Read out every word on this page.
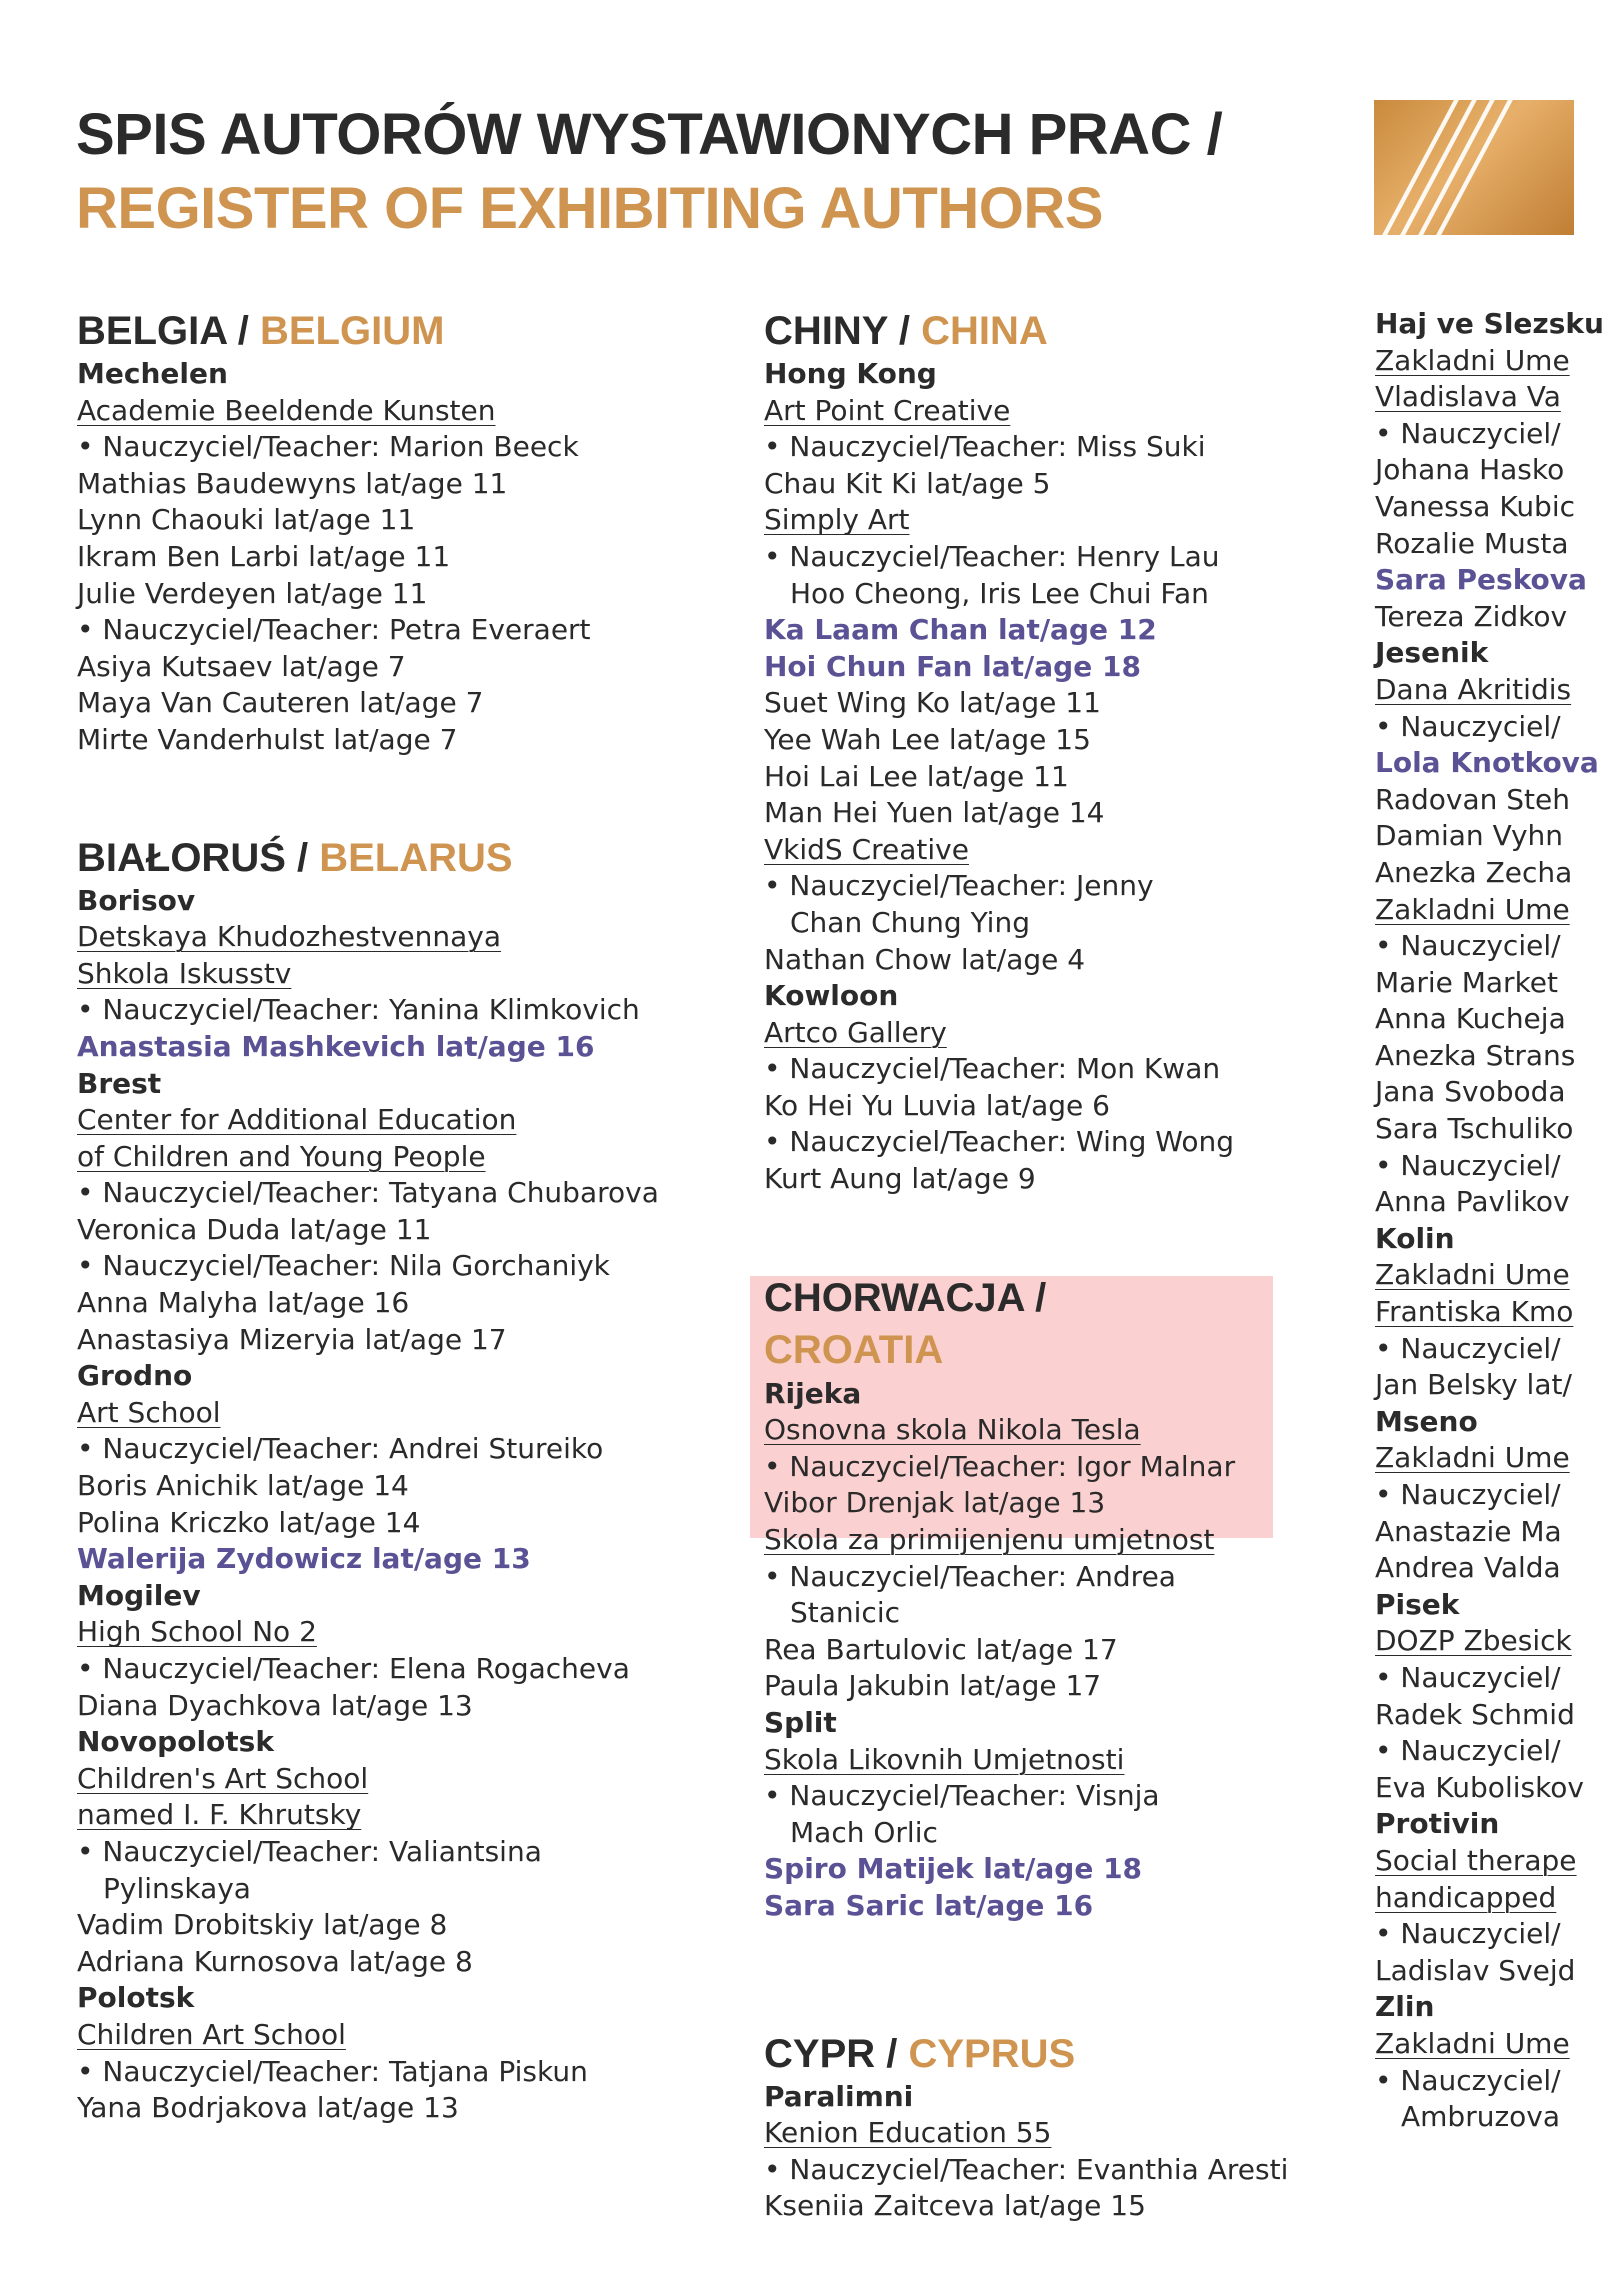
SPIS AUTORÓW WYSTAWIONYCH PRAC /
REGISTER OF EXHIBITING AUTHORS
BELGIA / BELGIUM

Mechelen

Academie Beeldende Kunsten

• Nauczyciel/Teacher: Marion Beeck

Mathias Baudewyns lat/age 11

Lynn Chaouki lat/age 11

Ikram Ben Larbi lat/age 11

Julie Verdeyen lat/age 11

• Nauczyciel/Teacher: Petra Everaert

Asiya Kutsaev lat/age 7

Maya Van Cauteren lat/age 7

Mirte Vanderhulst lat/age 7

BIAŁORUŚ / BELARUS

Borisov

Detskaya Khudozhestvennaya

Shkola Iskusstv

• Nauczyciel/Teacher: Yanina Klimkovich

Anastasia Mashkevich lat/age 16

Brest

Center for Additional Education

of Children and Young People

• Nauczyciel/Teacher: Tatyana Chubarova

Veronica Duda lat/age 11

• Nauczyciel/Teacher: Nila Gorchaniyk

Anna Malyha lat/age 16

Anastasiya Mizeryia lat/age 17

Grodno

Art School

• Nauczyciel/Teacher: Andrei Stureiko

Boris Anichik lat/age 14

Polina Kriczko lat/age 14

Walerija Zydowicz lat/age 13

Mogilev

High School No 2

• Nauczyciel/Teacher: Elena Rogacheva

Diana Dyachkova lat/age 13

Novopolotsk

Children's Art School

named I. F. Khrutsky

• Nauczyciel/Teacher: Valiantsina

Pylinskaya

Vadim Drobitskiy lat/age 8

Adriana Kurnosova lat/age 8

Polotsk

Children Art School

• Nauczyciel/Teacher: Tatjana Piskun

Yana Bodrjakova lat/age 13

CHINY / CHINA

Hong Kong

Art Point Creative

• Nauczyciel/Teacher: Miss Suki

Chau Kit Ki lat/age 5

Simply Art

• Nauczyciel/Teacher: Henry Lau

Hoo Cheong, Iris Lee Chui Fan

Ka Laam Chan lat/age 12

Hoi Chun Fan lat/age 18

Suet Wing Ko lat/age 11

Yee Wah Lee lat/age 15

Hoi Lai Lee lat/age 11

Man Hei Yuen lat/age 14

VkidS Creative

• Nauczyciel/Teacher: Jenny

Chan Chung Ying

Nathan Chow lat/age 4

Kowloon

Artco Gallery

• Nauczyciel/Teacher: Mon Kwan

Ko Hei Yu Luvia lat/age 6

• Nauczyciel/Teacher: Wing Wong

Kurt Aung lat/age 9

CHORWACJA /
CROATIA

Rijeka

Osnovna skola Nikola Tesla

• Nauczyciel/Teacher: Igor Malnar

Vibor Drenjak lat/age 13

Skola za primijenjenu umjetnost

• Nauczyciel/Teacher: Andrea

Stanicic

Rea Bartulovic lat/age 17

Paula Jakubin lat/age 17

Split

Skola Likovnih Umjetnosti

• Nauczyciel/Teacher: Visnja

Mach Orlic

Spiro Matijek lat/age 18

Sara Saric lat/age 16

CYPR / CYPRUS

Paralimni

Kenion Education 55

• Nauczyciel/Teacher: Evanthia Aresti

Kseniia Zaitceva lat/age 15

Haj ve Slezsku

Zakladni Ume

Vladislava Va

• Nauczyciel/

Johana Hasko

Vanessa Kubic

Rozalie Musta

Sara Peskova

Tereza Zidkov

Jesenik

Dana Akritidis

• Nauczyciel/

Lola Knotkova

Radovan Steh

Damian Vyhn

Anezka Zecha

Zakladni Ume

• Nauczyciel/

Marie Market

Anna Kucheja

Anezka Strans

Jana Svoboda

Sara Tschuliko

• Nauczyciel/

Anna Pavlikov

Kolin

Zakladni Ume

Frantiska Kmo

• Nauczyciel/

Jan Belsky lat/

Mseno

Zakladni Ume

• Nauczyciel/

Anastazie Ma

Andrea Valda

Pisek

DOZP Zbesick

• Nauczyciel/

Radek Schmid

• Nauczyciel/

Eva Kuboliskov

Protivin

Social therape

handicapped

• Nauczyciel/

Ladislav Svejd

Zlin

Zakladni Ume

• Nauczyciel/

Ambruzova
